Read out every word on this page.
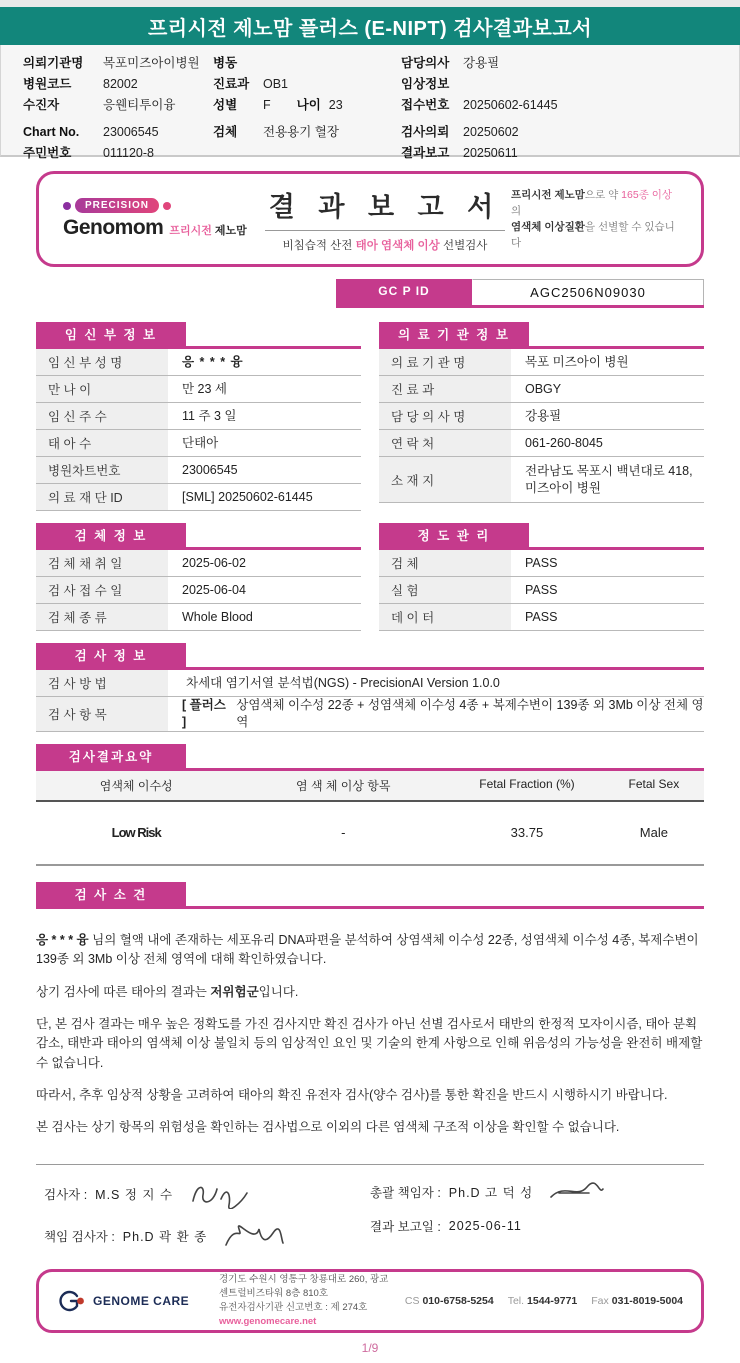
프리시전 제노맘 플러스 (E-NIPT) 검사결과보고서
의뢰기관명	목포미즈아이병원
병원코드	82002
수진자	응웬티투이융
Chart No.	23006545
주민번호	011120-8
병동
진료과	OB1
성별	F 나이 23
검체	전용용기 혈장
담당의사	강용필
임상정보
접수번호	20250602-61445
검사의뢰	20250602
결과보고	20250611
PRECISION
Genomom 프리시전 제노맘
결 과 보 고 서
비침습적 산전 태아 염색체 이상 선별검사
프리시전 제노맘으로 약 165종 이상의
염색체 이상질환을 선별할 수 있습니다
GC P ID	AGC2506N09030
임 신 부 정 보
임 신 부 성 명	응 * * * 융
만 나 이	만 23 세
임 신 주 수	11 주 3 일
태 아 수	단태아
병원차트번호	23006545
의 료 재 단 ID	[SML] 20250602-61445
의 료 기 관 정 보
의 료 기 관 명	목포 미즈아이 병원
진 료 과	OBGY
담 당 의 사 명	강용필
연 락 처	061-260-8045
소 재 지
전라남도 목포시 백년대로 418, 미즈아이 병원
검 체 정 보
검 체 채 취 일	2025-06-02
검 사 접 수 일	2025-06-04
검 체 종 류	Whole Blood
정 도 관 리
검 체	PASS
실 험	PASS
데 이 터	PASS
검 사 정 보
검 사 방 법	차세대 염기서열 분석법(NGS) - PrecisionAI Version 1.0.0
검 사 항 목
[ 플러스 ]
상염색체 이수성 22종 + 성염색체 이수성 4종 + 복제수변이 139종 외 3Mb 이상 전체 영역
검사결과요약
염색체 이수성	염 색 체 이상 항목	Fetal Fraction (%)	Fetal Sex
Low Risk	-	33.75	Male
검 사 소 견

응 * * * 융 님의 혈액 내에 존재하는 세포유리 DNA파편을 분석하여 상염색체 이수성 22종, 성염색체 이수성 4종, 복제수변이 139종 외 3Mb 이상 전체 영역에 대해 확인하였습니다.

상기 검사에 따른 태아의 결과는 저위험군입니다.

단, 본 검사 결과는 매우 높은 정확도를 가진 검사지만 확진 검사가 아닌 선별 검사로서 태반의 한정적 모자이시즘, 태아 분획 감소, 태반과 태아의 염색체 이상 불일치 등의 임상적인 요인 및 기술의 한계 사항으로 인해 위음성의 가능성을 완전히 배제할 수 없습니다.

따라서, 추후 임상적 상황을 고려하여 태아의 확진 유전자 검사(양수 검사)를 통한 확진을 반드시 시행하시기 바랍니다.

본 검사는 상기 항목의 위험성을 확인하는 검사법으로 이외의 다른 염색체 구조적 이상을 확인할 수 없습니다.

검사자 : M.S 정 지 수
책임 검사자 : Ph.D 곽 환 종
총괄 책임자 : Ph.D 고 덕 성
결과 보고일 : 2025-06-11
GENOME CARE
경기도 수원시 영통구 창룡대로 260, 광교 센트럴비즈타워 8층 810호
유전자검사기관 신고번호 : 제 274호
www.genomecare.net
CS 010-6758-5254 Tel. 1544-9771 Fax 031-8019-5004
1/9
